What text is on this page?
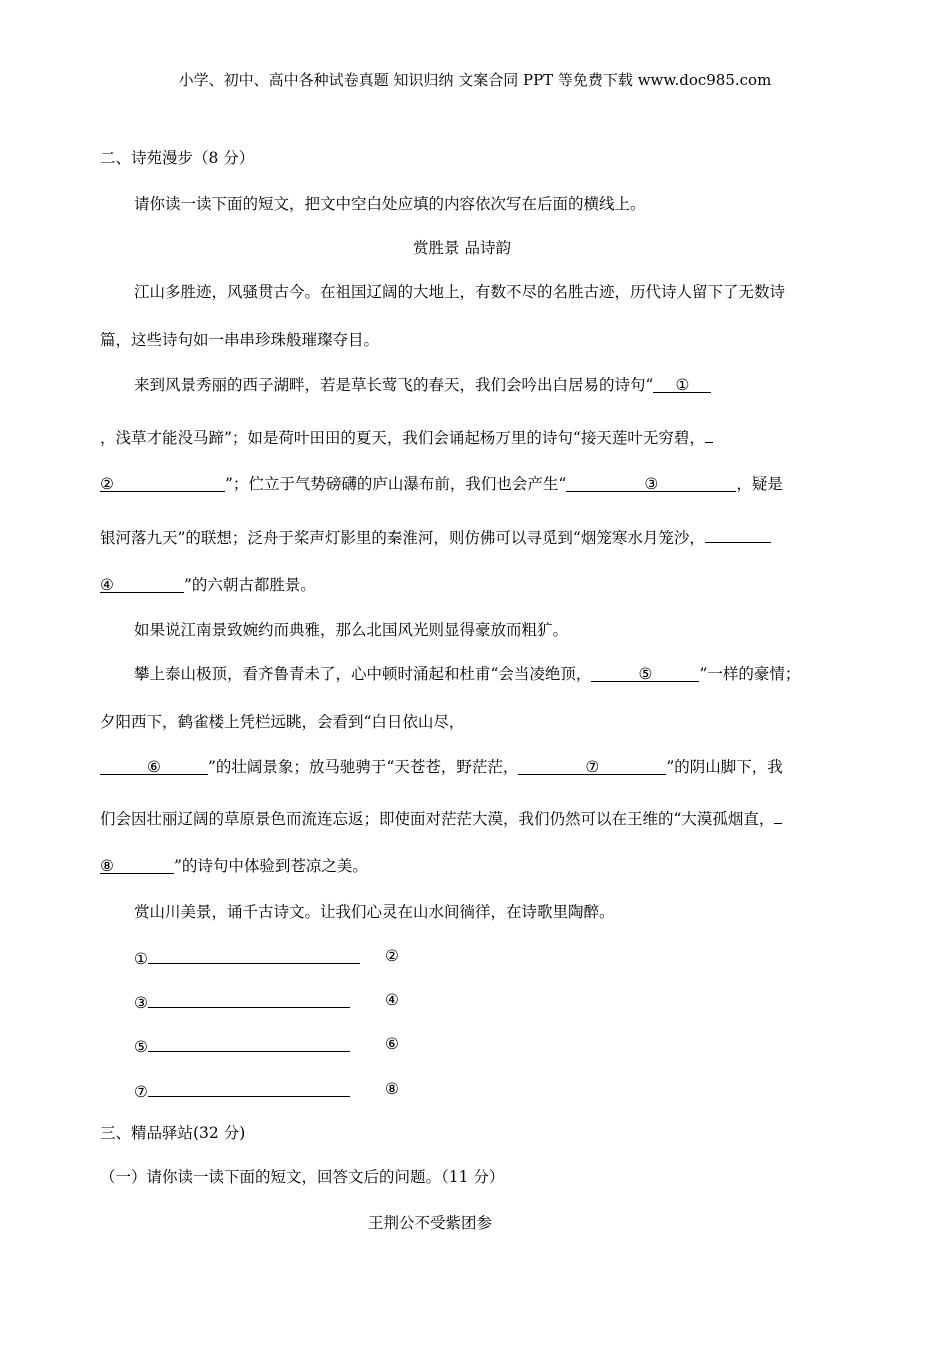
小学、初中、高中各种试卷真题 知识归纳 文案合同 PPT 等免费下载 www.doc985.com
二、诗苑漫步（8 分）
请你读一读下面的短文，把文中空白处应填的内容依次写在后面的横线上。
赏胜景 品诗韵
江山多胜迹，风骚贯古今。在祖国辽阔的大地上，有数不尽的名胜古迹，历代诗人留下了无数诗
篇，这些诗句如一串串珍珠般璀璨夺目。
来到风景秀丽的西子湖畔，若是草长莺飞的春天，我们会吟出白居易的诗句“ ①
，浅草才能没马蹄”；如是荷叶田田的夏天，我们会诵起杨万里的诗句“接天莲叶无穷碧，
②	”；伫立于气势磅礴的庐山瀑布前，我们也会产生“	③	，疑是
银河落九天”的联想；泛舟于桨声灯影里的秦淮河，则仿佛可以寻觅到“烟笼寒水月笼沙，
④	”的六朝古都胜景。
如果说江南景致婉约而典雅，那么北国风光则显得豪放而粗犷。
攀上泰山极顶，看齐鲁青未了，心中顿时涌起和杜甫“会当凌绝顶，	⑤	”一样的豪情；
夕阳西下，鹤雀楼上凭栏远眺，会看到“白日依山尽，
⑥	”的壮阔景象；放马驰骋于“天苍苍，野茫茫，	⑦	”的阴山脚下，我
们会因壮丽辽阔的草原景色而流连忘返；即使面对茫茫大漠，我们仍然可以在王维的“大漠孤烟直，
⑧	”的诗句中体验到苍凉之美。
赏山川美景，诵千古诗文。让我们心灵在山水间徜徉，在诗歌里陶醉。
①	②
③	④
⑤	⑥
⑦	⑧
三、精品驿站(32 分)
（一）请你读一读下面的短文，回答文后的问题。（11 分）
王荆公不受紫团参
